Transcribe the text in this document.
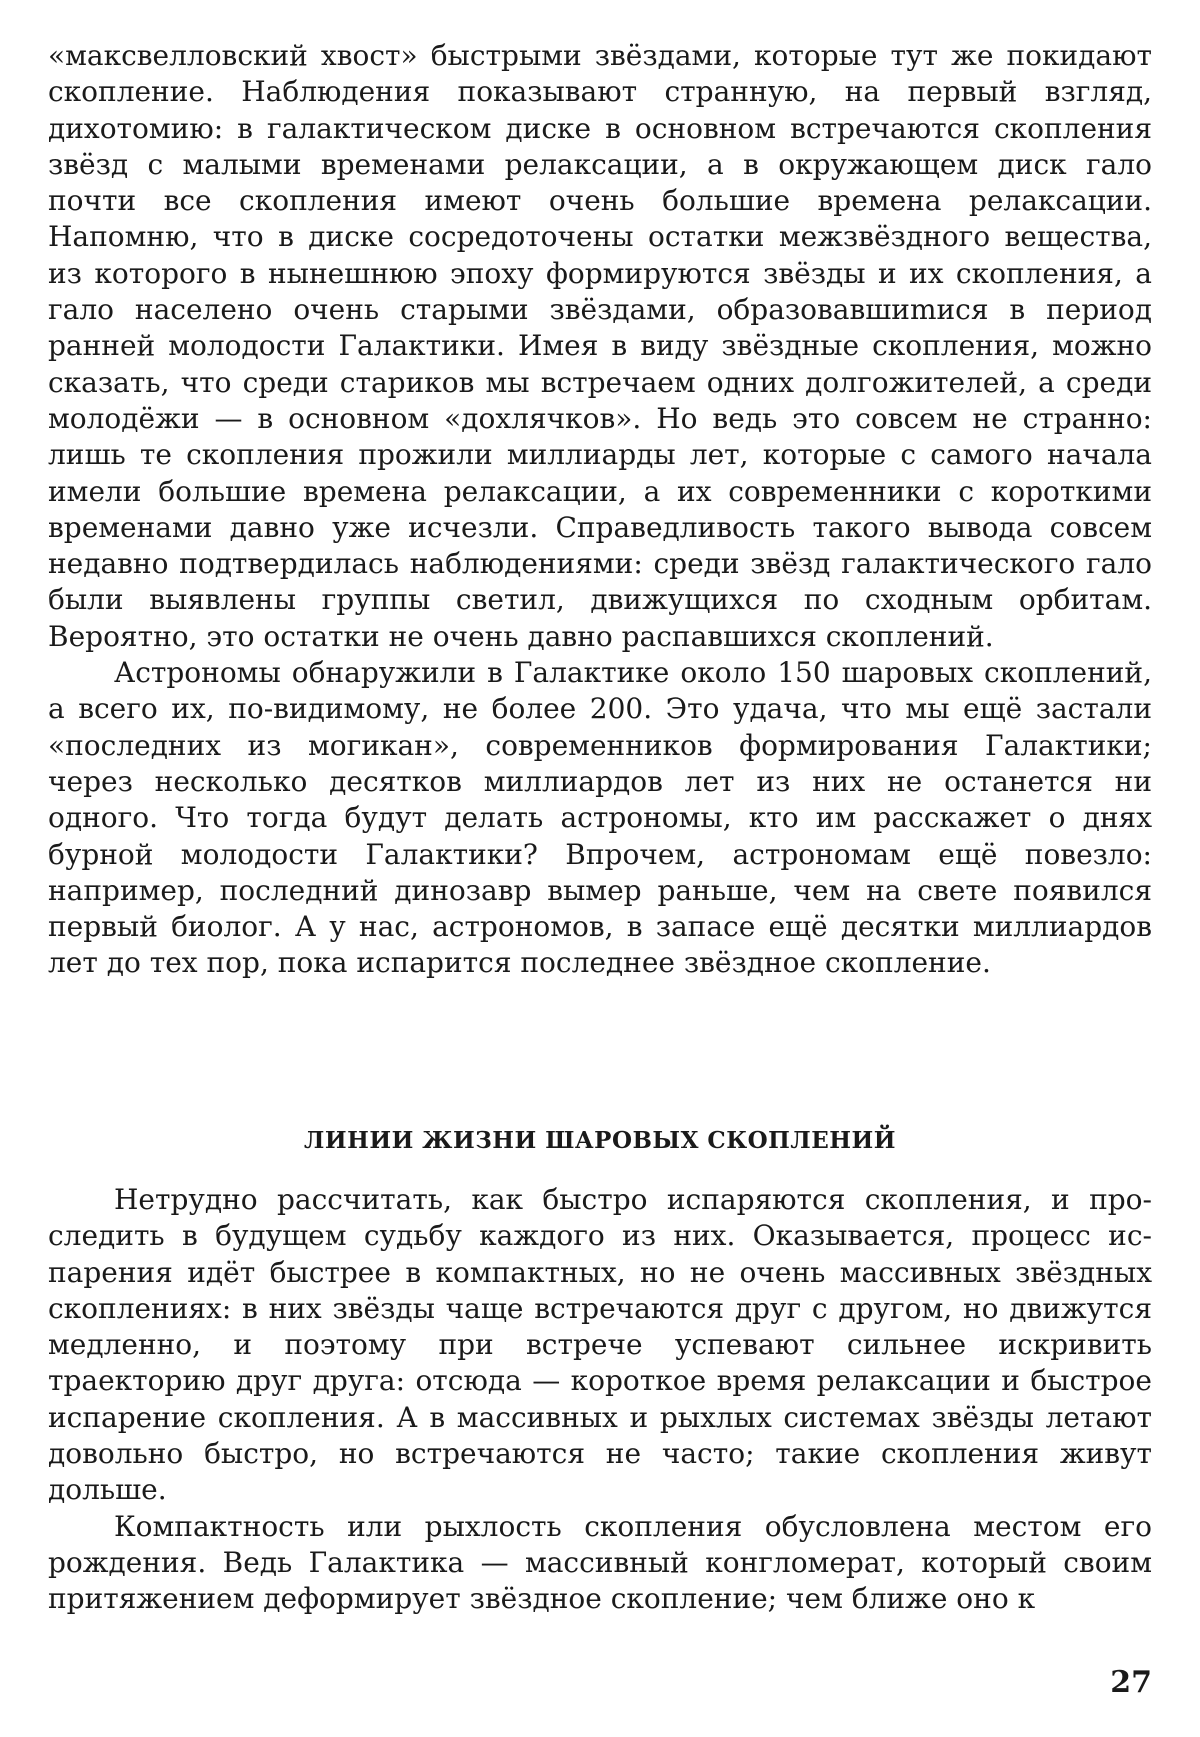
«максвелловский хвост» быстрыми звёздами, которые тут же по­кидают скопление. Наблюдения показывают странную, на первый взгляд, дихотомию: в галактическом диске в основном встречаются скопления звёзд с малыми временами релаксации, а в окружающем диск гало почти все скопления имеют очень большие времена релак­сации. Напомню, что в диске сосредоточены остатки межзвёздного вещества, из которого в нынешнюю эпоху формируются звёзды и их скопления, а гало населено очень старыми звёздами, образовавши­mися в период ранней молодости Галактики. Имея в виду звёздные скопления, можно сказать, что среди стариков мы встречаем одних долгожителей, а среди молодёжи — в основном «дохлячков». Но ведь это совсем не странно: лишь те скопления прожили миллиарды лет, которые с самого начала имели большие времена релаксации, а их современники с короткими временами давно уже исчезли. Справед­ливость такого вывода совсем недавно подтвердилась наблюдениями: среди звёзд галактического гало были выявлены группы светил, дви­жущихся по сходным орбитам. Вероятно, это остатки не очень давно распавшихся скоплений.

Астрономы обнаружили в Галактике около 150 шаровых скопле­ний, а всего их, по-видимому, не более 200. Это удача, что мы ещё застали «последних из могикан», современников формирования Га­лактики; через несколько десятков миллиардов лет из них не оста­нется ни одного. Что тогда будут делать астрономы, кто им расскажет о днях бурной молодости Галактики? Впрочем, астрономам ещё по­везло: например, последний динозавр вымер раньше, чем на свете появился первый биолог. А у нас, астрономов, в запасе ещё десят­ки миллиардов лет до тех пор, пока испарится последнее звёздное скопление.

ЛИНИИ ЖИЗНИ ШАРОВЫХ СКОПЛЕНИЙ

Нетрудно рассчитать, как быстро испаряются скопления, и про­следить в будущем судьбу каждого из них. Оказывается, процесс ис­парения идёт быстрее в компактных, но не очень массивных звёздных скоплениях: в них звёзды чаще встречаются друг с другом, но дви­жутся медленно, и поэтому при встрече успевают сильнее искривить траекторию друг друга: отсюда — короткое время релаксации и бы­строе испарение скопления. А в массивных и рыхлых системах звёзды летают довольно быстро, но встречаются не часто; такие скопления живут дольше.

Компактность или рыхлость скопления обусловлена местом его рождения. Ведь Галактика — массивный конгломерат, который сво­им притяжением деформирует звёздное скопление; чем ближе оно к

27
